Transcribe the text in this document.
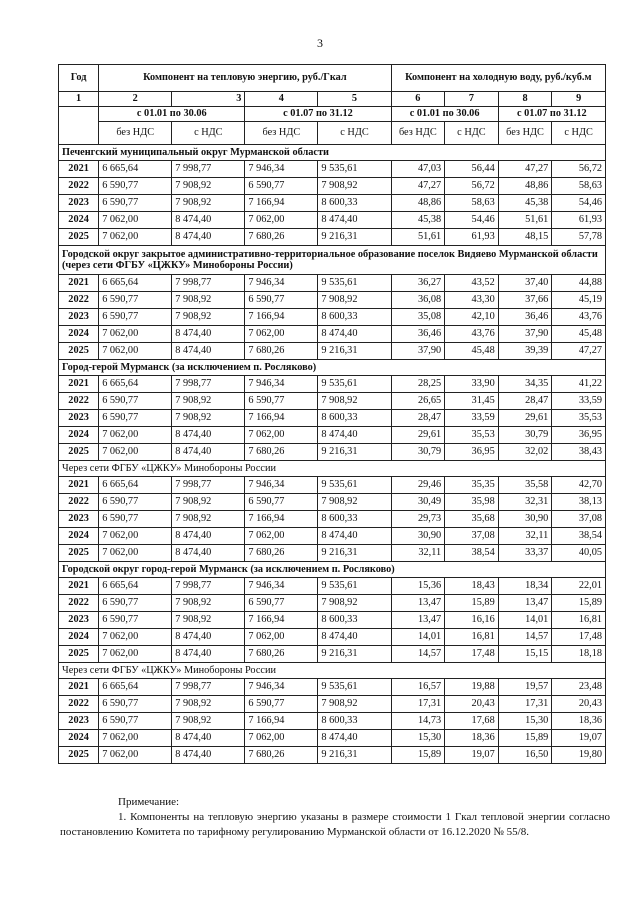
3
Год	Компонент на тепловую энергию, руб./Гкал				Компонент на холодную воду, руб./куб.м			
1	2	3	4	5	6	7	8	9
	с 01.01 по 30.06		с 01.07 по 31.12		с 01.01 по 30.06		с 01.07 по 31.12	
	без НДС	с НДС	без НДС	с НДС	без НДС	с НДС	без НДС	с НДС
Печенгский муниципальный округ Мурманской области								
2021	6 665,64	7 998,77	7 946,34	9 535,61	47,03	56,44	47,27	56,72
2022	6 590,77	7 908,92	6 590,77	7 908,92	47,27	56,72	48,86	58,63
2023	6 590,77	7 908,92	7 166,94	8 600,33	48,86	58,63	45,38	54,46
2024	7 062,00	8 474,40	7 062,00	8 474,40	45,38	54,46	51,61	61,93
2025	7 062,00	8 474,40	7 680,26	9 216,31	51,61	61,93	48,15	57,78
Городской округ закрытое административно-территориальное образование поселок Видяево Мурманской области (через сети ФГБУ «ЦЖКУ» Минобороны России)								
2021	6 665,64	7 998,77	7 946,34	9 535,61	36,27	43,52	37,40	44,88
2022	6 590,77	7 908,92	6 590,77	7 908,92	36,08	43,30	37,66	45,19
2023	6 590,77	7 908,92	7 166,94	8 600,33	35,08	42,10	36,46	43,76
2024	7 062,00	8 474,40	7 062,00	8 474,40	36,46	43,76	37,90	45,48
2025	7 062,00	8 474,40	7 680,26	9 216,31	37,90	45,48	39,39	47,27
Город-герой Мурманск (за исключением п. Росляково)								
2021	6 665,64	7 998,77	7 946,34	9 535,61	28,25	33,90	34,35	41,22
2022	6 590,77	7 908,92	6 590,77	7 908,92	26,65	31,45	28,47	33,59
2023	6 590,77	7 908,92	7 166,94	8 600,33	28,47	33,59	29,61	35,53
2024	7 062,00	8 474,40	7 062,00	8 474,40	29,61	35,53	30,79	36,95
2025	7 062,00	8 474,40	7 680,26	9 216,31	30,79	36,95	32,02	38,43
Через сети ФГБУ «ЦЖКУ» Минобороны России								
2021	6 665,64	7 998,77	7 946,34	9 535,61	29,46	35,35	35,58	42,70
2022	6 590,77	7 908,92	6 590,77	7 908,92	30,49	35,98	32,31	38,13
2023	6 590,77	7 908,92	7 166,94	8 600,33	29,73	35,68	30,90	37,08
2024	7 062,00	8 474,40	7 062,00	8 474,40	30,90	37,08	32,11	38,54
2025	7 062,00	8 474,40	7 680,26	9 216,31	32,11	38,54	33,37	40,05
Городской округ город-герой Мурманск (за исключением п. Росляково)								
2021	6 665,64	7 998,77	7 946,34	9 535,61	15,36	18,43	18,34	22,01
2022	6 590,77	7 908,92	6 590,77	7 908,92	13,47	15,89	13,47	15,89
2023	6 590,77	7 908,92	7 166,94	8 600,33	13,47	16,16	14,01	16,81
2024	7 062,00	8 474,40	7 062,00	8 474,40	14,01	16,81	14,57	17,48
2025	7 062,00	8 474,40	7 680,26	9 216,31	14,57	17,48	15,15	18,18
Через сети ФГБУ «ЦЖКУ» Минобороны России								
2021	6 665,64	7 998,77	7 946,34	9 535,61	16,57	19,88	19,57	23,48
2022	6 590,77	7 908,92	6 590,77	7 908,92	17,31	20,43	17,31	20,43
2023	6 590,77	7 908,92	7 166,94	8 600,33	14,73	17,68	15,30	18,36
2024	7 062,00	8 474,40	7 062,00	8 474,40	15,30	18,36	15,89	19,07
2025	7 062,00	8 474,40	7 680,26	9 216,31	15,89	19,07	16,50	19,80

Примечание:

1. Компоненты на тепловую энергию указаны в размере стоимости 1 Гкал тепловой энергии согласно постановлению Комитета по тарифному регулированию Мурманской области от 16.12.2020 № 55/8.
